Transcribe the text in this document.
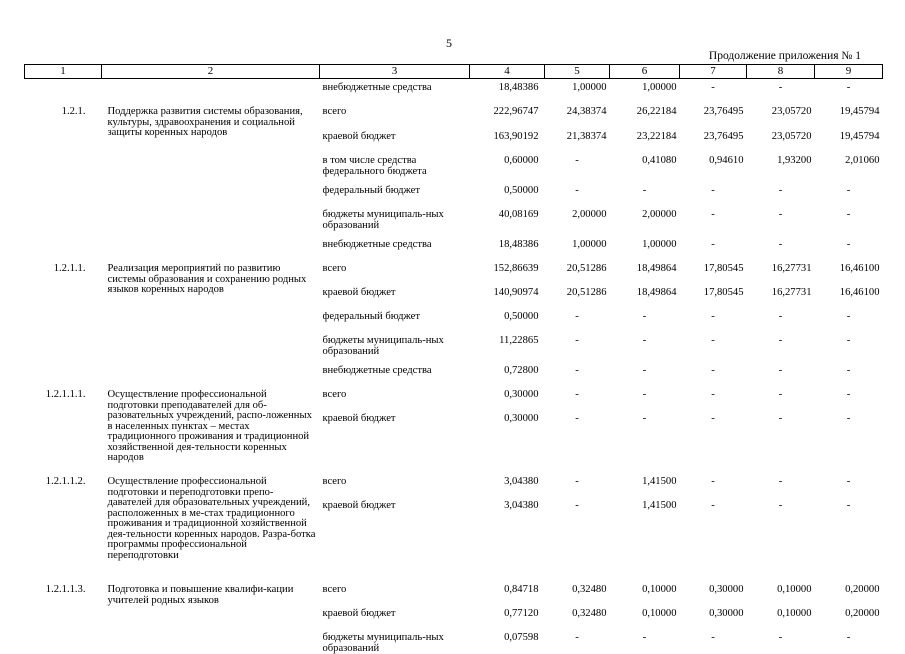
5
Продолжение приложения № 1
1	2	3	4	5	6	7	8	9
		внебюджетные средства	18,48386	1,00000	1,00000	-	-	-
1.2.1.	Поддержка развития системы образования, культуры, здравоохранения и социальной защиты коренных народов	всего	222,96747	24,38374	26,22184	23,76495	23,05720	19,45794
		краевой бюджет	163,90192	21,38374	23,22184	23,76495	23,05720	19,45794
		в том числе средства федерального бюджета	0,60000	-	0,41080	0,94610	1,93200	2,01060
		федеральный бюджет	0,50000	-	-	-	-	-
		бюджеты муниципаль-ных образований	40,08169	2,00000	2,00000	-	-	-
		внебюджетные средства	18,48386	1,00000	1,00000	-	-	-
1.2.1.1.	Реализация мероприятий по развитию системы образования и сохранению родных языков коренных народов	всего	152,86639	20,51286	18,49864	17,80545	16,27731	16,46100
		краевой бюджет	140,90974	20,51286	18,49864	17,80545	16,27731	16,46100
		федеральный бюджет	0,50000	-	-	-	-	-
		бюджеты муниципаль-ных образований	11,22865	-	-	-	-	-
		внебюджетные средства	0,72800	-	-	-	-	-
1.2.1.1.1.	Осуществление профессиональной подготовки преподавателей для об-разовательных учреждений, распо-ложенных в населенных пунктах – местах традиционного проживания и традиционной хозяйственной дея-тельности коренных народов	всего	0,30000	-	-	-	-	-
		краевой бюджет	0,30000	-	-	-	-	-
1.2.1.1.2.	Осуществление профессиональной подготовки и переподготовки препо-давателей для образовательных учреждений, расположенных в ме-стах традиционного проживания и традиционной хозяйственной дея-тельности коренных народов. Разра-ботка программы профессиональной переподготовки	всего	3,04380	-	1,41500	-	-	-
		краевой бюджет	3,04380	-	1,41500	-	-	-
1.2.1.1.3.	Подготовка и повышение квалифи-кации учителей родных языков	всего	0,84718	0,32480	0,10000	0,30000	0,10000	0,20000
		краевой бюджет	0,77120	0,32480	0,10000	0,30000	0,10000	0,20000
		бюджеты муниципаль-ных образований	0,07598	-	-	-	-	-
